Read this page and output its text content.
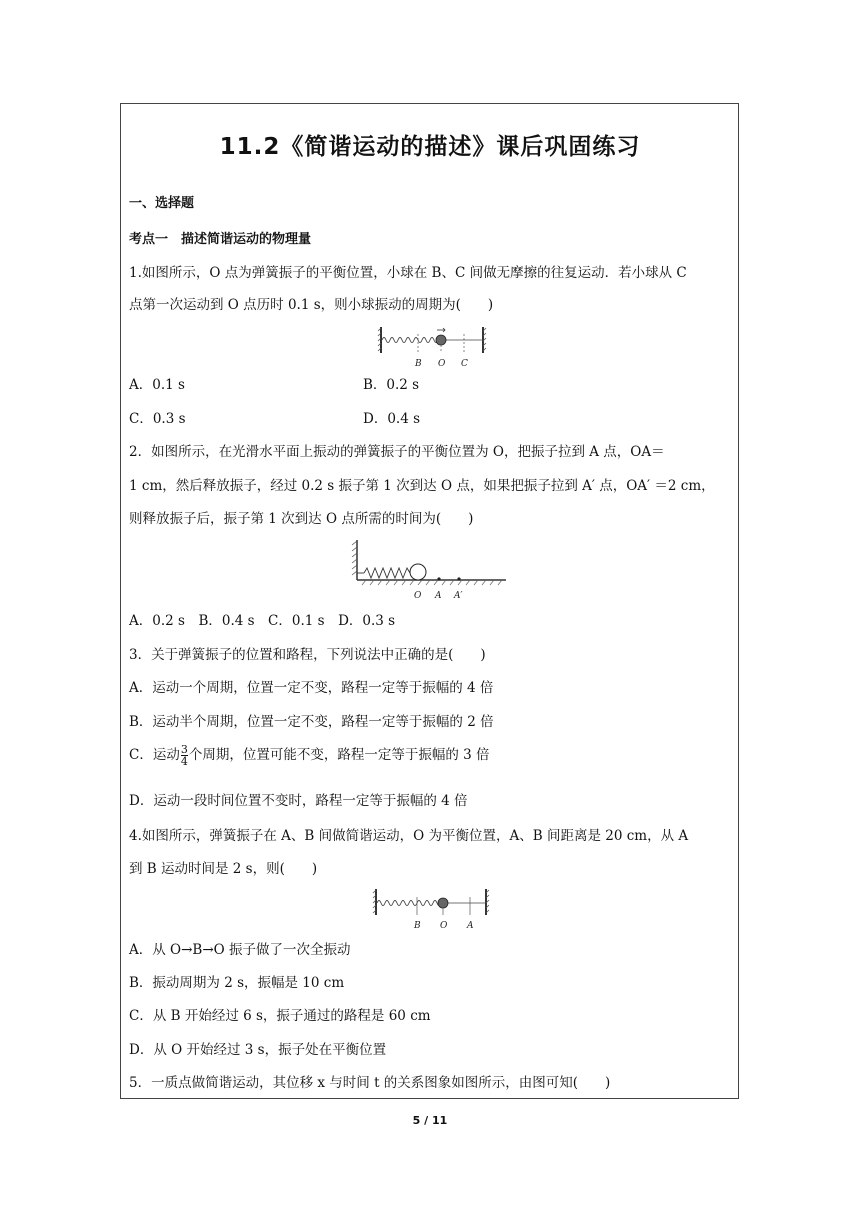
11.2《简谐运动的描述》课后巩固练习
一、选择题
考点一　描述简谐运动的物理量
1.如图所示，O 点为弹簧振子的平衡位置，小球在 B、C 间做无摩擦的往复运动．若小球从 C
点第一次运动到 O 点历时 0.1 s，则小球振动的周期为(　　)
B O C
A．0.1 s	B．0.2 s
C．0.3 s	D．0.4 s
2．如图所示，在光滑水平面上振动的弹簧振子的平衡位置为 O，把振子拉到 A 点，OA＝
1 cm，然后释放振子，经过 0.2 s 振子第 1 次到达 O 点，如果把振子拉到 A′ 点，OA′ ＝2 cm，
则释放振子后，振子第 1 次到达 O 点所需的时间为(　　)
O A A′
A．0.2 s　B．0.4 s　C．0.1 s　D．0.3 s
3．关于弹簧振子的位置和路程，下列说法中正确的是(　　)
A．运动一个周期，位置一定不变，路程一定等于振幅的 4 倍
B．运动半个周期，位置一定不变，路程一定等于振幅的 2 倍
C．运动 $\frac{3}{4}$ 个周期，位置可能不变，路程一定等于振幅的 3 倍
D．运动一段时间位置不变时，路程一定等于振幅的 4 倍
4.如图所示，弹簧振子在 A、B 间做简谐运动，O 为平衡位置，A、B 间距离是 20 cm，从 A
到 B 运动时间是 2 s，则(　　)
B O A
A．从 O→B→O 振子做了一次全振动
B．振动周期为 2 s，振幅是 10 cm
C．从 B 开始经过 6 s，振子通过的路程是 60 cm
D．从 O 开始经过 3 s，振子处在平衡位置
5．一质点做简谐运动，其位移 x 与时间 t 的关系图象如图所示，由图可知(　　)
5 / 11
